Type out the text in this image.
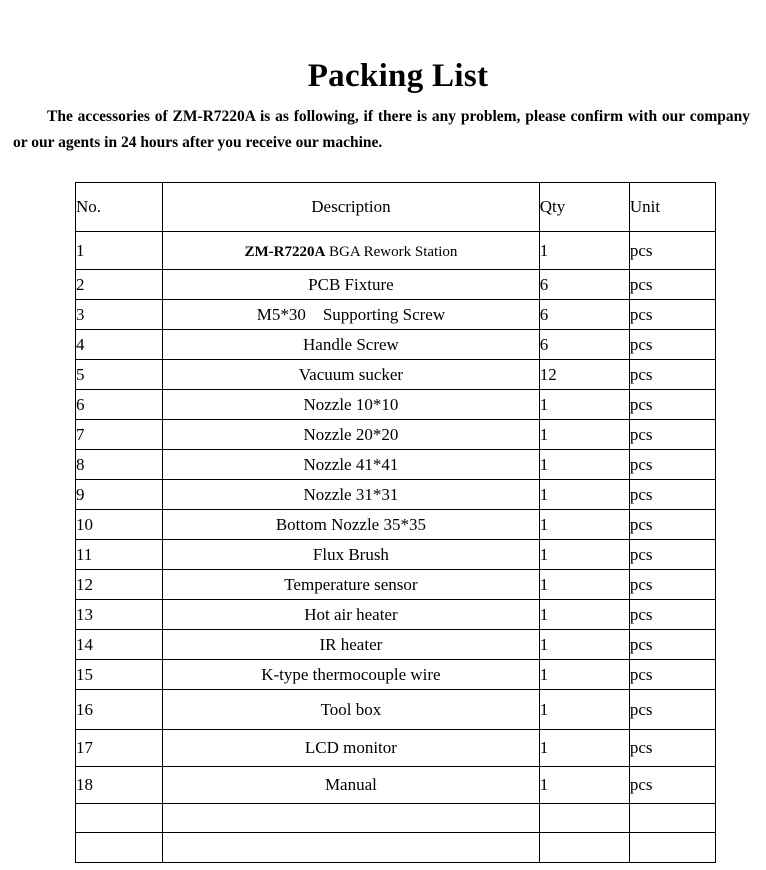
Packing List
The accessories of ZM-R7220A is as following, if there is any problem, please confirm with our company or our agents in 24 hours after you receive our machine.
No.	Description	Qty	Unit
1	ZM-R7220A BGA Rework Station	1	pcs
2	PCB Fixture	6	pcs
3	M5*30 Supporting Screw	6	pcs
4	Handle Screw	6	pcs
5	Vacuum sucker	12	pcs
6	Nozzle 10*10	1	pcs
7	Nozzle 20*20	1	pcs
8	Nozzle 41*41	1	pcs
9	Nozzle 31*31	1	pcs
10	Bottom Nozzle 35*35	1	pcs
11	Flux Brush	1	pcs
12	Temperature sensor	1	pcs
13	Hot air heater	1	pcs
14	IR heater	1	pcs
15	K-type thermocouple wire	1	pcs
16	Tool box	1	pcs
17	LCD monitor	1	pcs
18	Manual	1	pcs
